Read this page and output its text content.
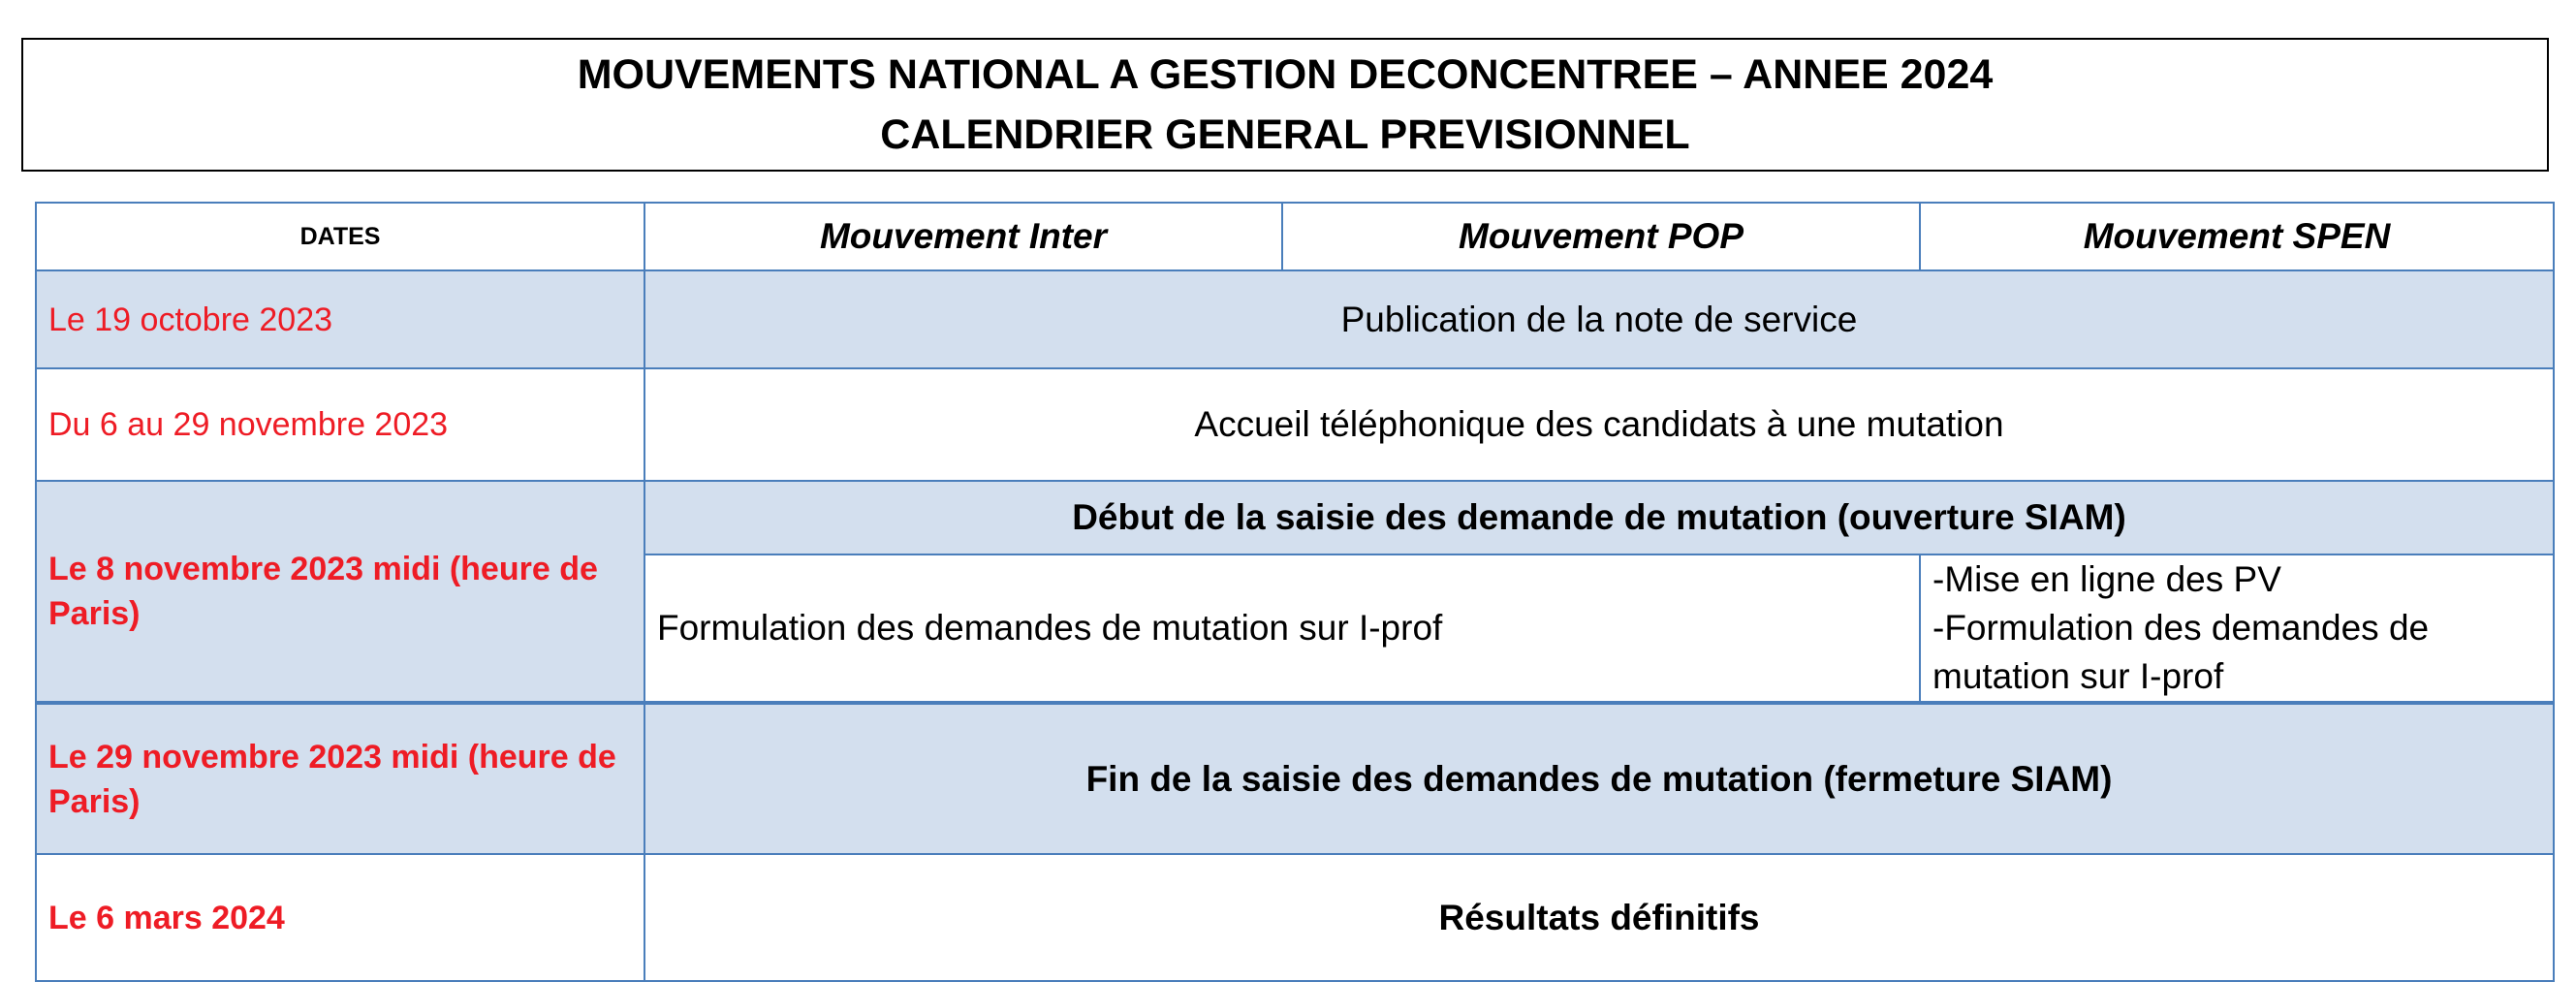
MOUVEMENTS NATIONAL A GESTION DECONCENTREE – ANNEE 2024
CALENDRIER GENERAL PREVISIONNEL
DATES	Mouvement Inter	Mouvement POP	Mouvement SPEN
Le 19 octobre 2023	Publication de la note de service		
Du 6 au 29 novembre 2023	Accueil téléphonique des candidats à une mutation		
Le 8 novembre 2023 midi (heure de Paris)	Début de la saisie des demande de mutation (ouverture SIAM)		
	Formulation des demandes de mutation sur I-prof		-Mise en ligne des PV
-Formulation des demandes de mutation sur I-prof

Le 29 novembre 2023 midi (heure de Paris)	Fin de la saisie des demandes de mutation (fermeture SIAM)		
Le 6 mars 2024	Résultats définitifs		
